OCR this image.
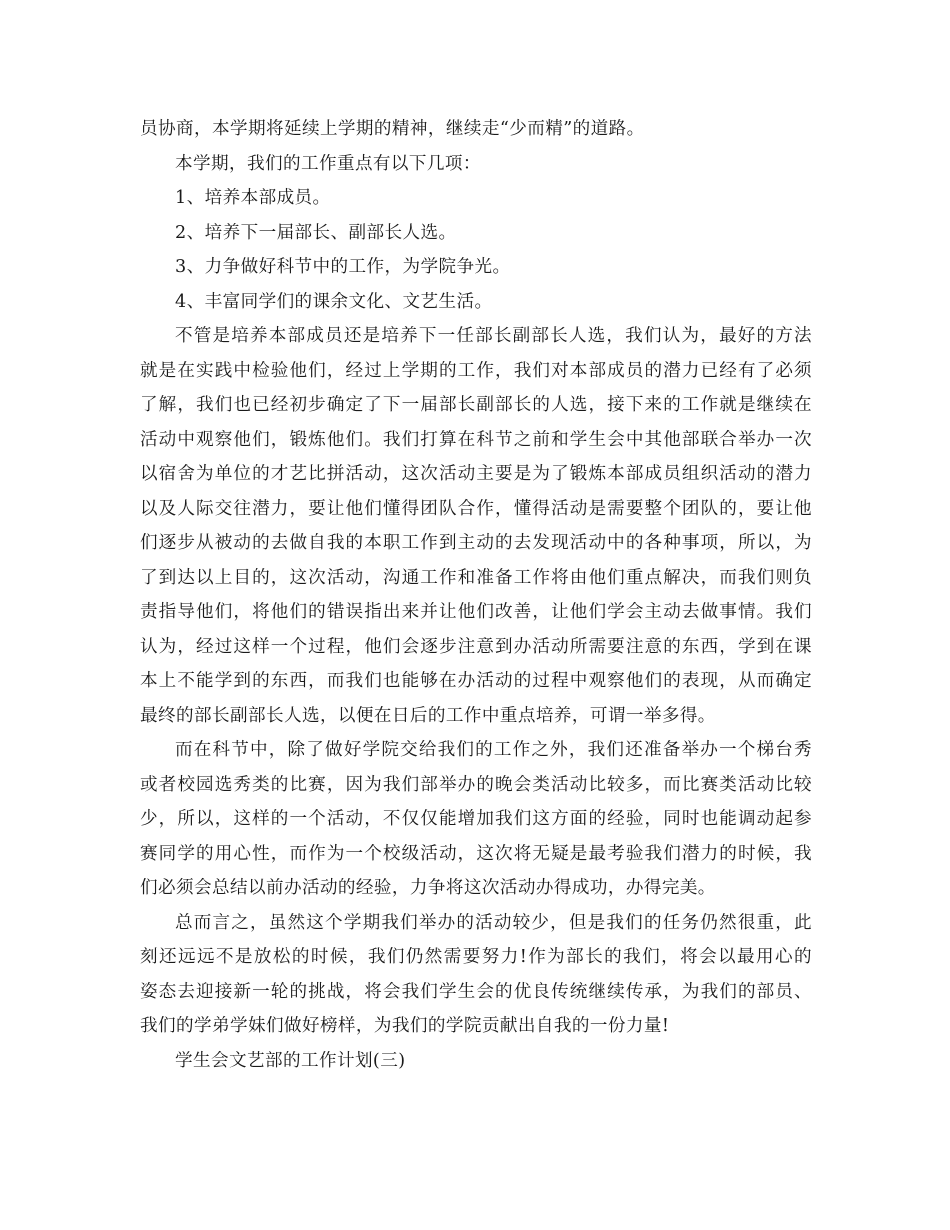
员协商，本学期将延续上学期的精神，继续走“少而精”的道路。
本学期，我们的工作重点有以下几项：
1、培养本部成员。
2、培养下一届部长、副部长人选。
3、力争做好科节中的工作，为学院争光。
4、丰富同学们的课余文化、文艺生活。
不管是培养本部成员还是培养下一任部长副部长人选，我们认为，最好的方法
就是在实践中检验他们，经过上学期的工作，我们对本部成员的潜力已经有了必须
了解，我们也已经初步确定了下一届部长副部长的人选，接下来的工作就是继续在
活动中观察他们，锻炼他们。我们打算在科节之前和学生会中其他部联合举办一次
以宿舍为单位的才艺比拼活动，这次活动主要是为了锻炼本部成员组织活动的潜力
以及人际交往潜力，要让他们懂得团队合作，懂得活动是需要整个团队的，要让他
们逐步从被动的去做自我的本职工作到主动的去发现活动中的各种事项，所以，为
了到达以上目的，这次活动，沟通工作和准备工作将由他们重点解决，而我们则负
责指导他们，将他们的错误指出来并让他们改善，让他们学会主动去做事情。我们
认为，经过这样一个过程，他们会逐步注意到办活动所需要注意的东西，学到在课
本上不能学到的东西，而我们也能够在办活动的过程中观察他们的表现，从而确定
最终的部长副部长人选，以便在日后的工作中重点培养，可谓一举多得。
而在科节中，除了做好学院交给我们的工作之外，我们还准备举办一个梯台秀
或者校园选秀类的比赛，因为我们部举办的晚会类活动比较多，而比赛类活动比较
少，所以，这样的一个活动，不仅仅能增加我们这方面的经验，同时也能调动起参
赛同学的用心性，而作为一个校级活动，这次将无疑是最考验我们潜力的时候，我
们必须会总结以前办活动的经验，力争将这次活动办得成功，办得完美。
总而言之，虽然这个学期我们举办的活动较少，但是我们的任务仍然很重，此
刻还远远不是放松的时候，我们仍然需要努力!作为部长的我们，将会以最用心的
姿态去迎接新一轮的挑战，将会我们学生会的优良传统继续传承，为我们的部员、
我们的学弟学妹们做好榜样，为我们的学院贡献出自我的一份力量!
学生会文艺部的工作计划(三)
